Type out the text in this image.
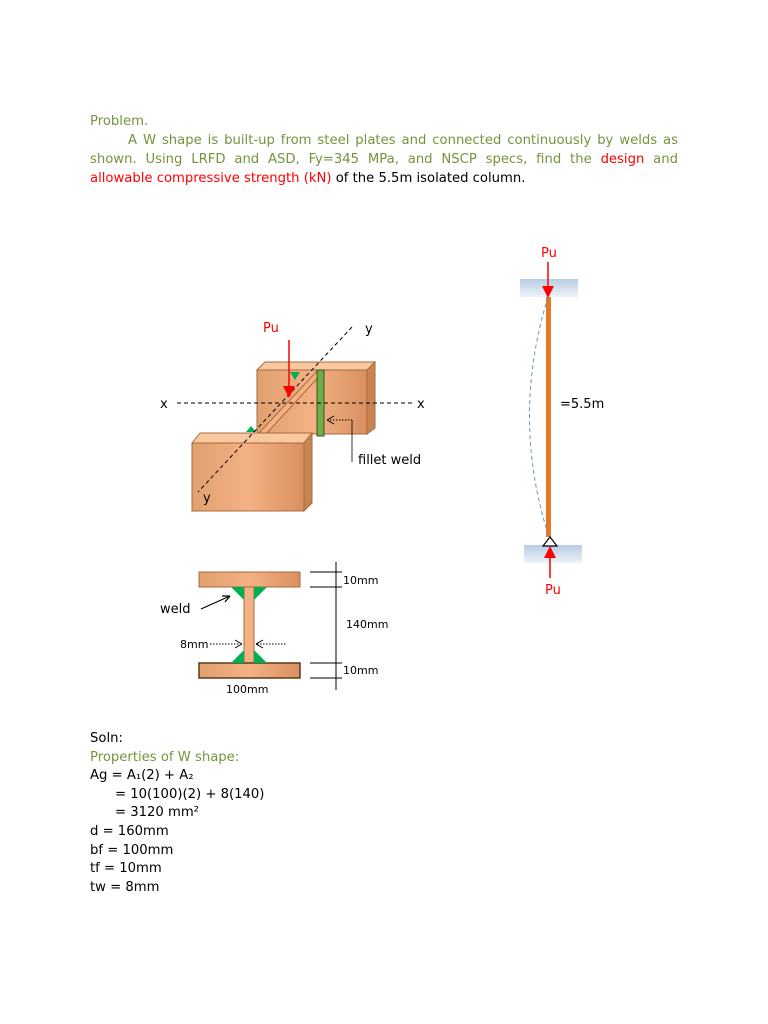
Problem.

A W shape is built-up from steel plates and connected continuously by welds as shown. Using LRFD and ASD, Fy=345 MPa, and NSCP specs, find the design and allowable compressive strength (kN) of the 5.5m isolated column.

x	x
y
y
Pu
fillet weld
Pu
Pu
=5.5m
weld
8mm
100mm
10mm
140mm
10mm
Soln:
Properties of W shape:
Ag = A₁(2) + A₂
= 10(100)(2) + 8(140)
= 3120 mm²
d = 160mm
bf = 100mm
tf = 10mm
tw = 8mm
